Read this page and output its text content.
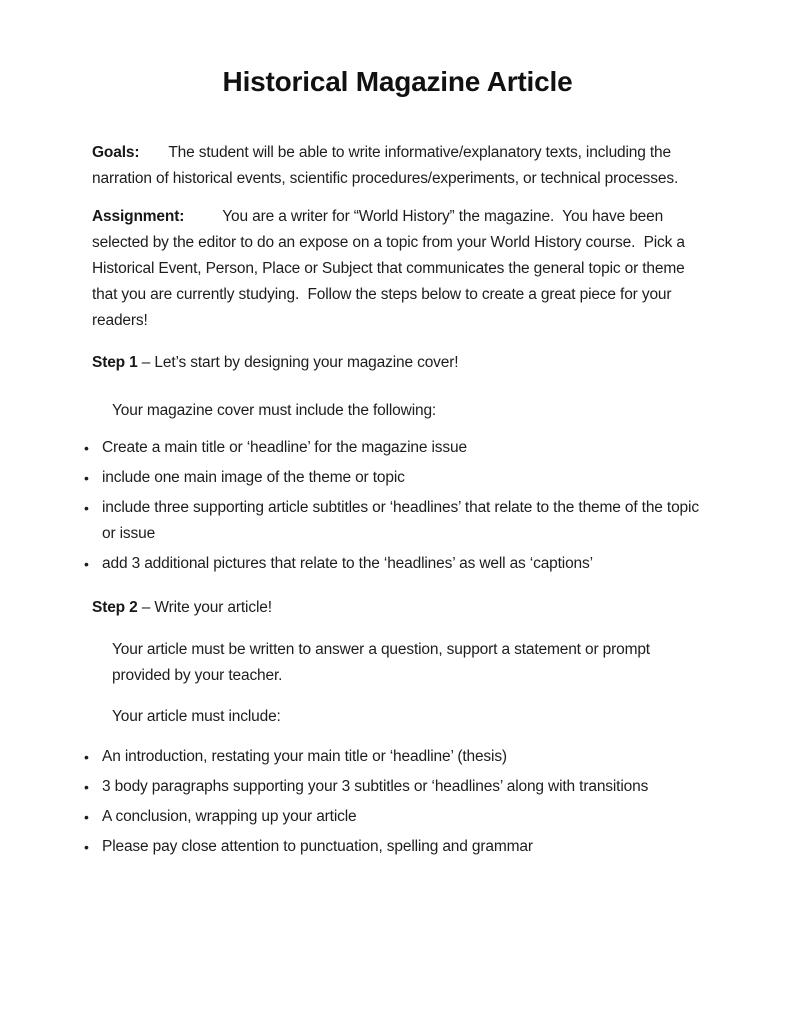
Historical Magazine Article

Goals: The student will be able to write informative/explanatory texts, including the narration of historical events, scientific procedures/experiments, or technical processes.

Assignment: You are a writer for “World History” the magazine.  You have been selected by the editor to do an expose on a topic from your World History course.  Pick a Historical Event, Person, Place or Subject that communicates the general topic or theme that you are currently studying.  Follow the steps below to create a great piece for your readers!

Step 1 – Let’s start by designing your magazine cover!

Your magazine cover must include the following:

• Create a main title or ‘headline’ for the magazine issue
• include one main image of the theme or topic
• include three supporting article subtitles or ‘headlines’ that relate to the theme of the topic or issue
• add 3 additional pictures that relate to the ‘headlines’ as well as ‘captions’

Step 2 – Write your article!

Your article must be written to answer a question, support a statement or prompt provided by your teacher.

Your article must include:

• An introduction, restating your main title or ‘headline’ (thesis)
• 3 body paragraphs supporting your 3 subtitles or ‘headlines’ along with transitions
• A conclusion, wrapping up your article
• Please pay close attention to punctuation, spelling and grammar
